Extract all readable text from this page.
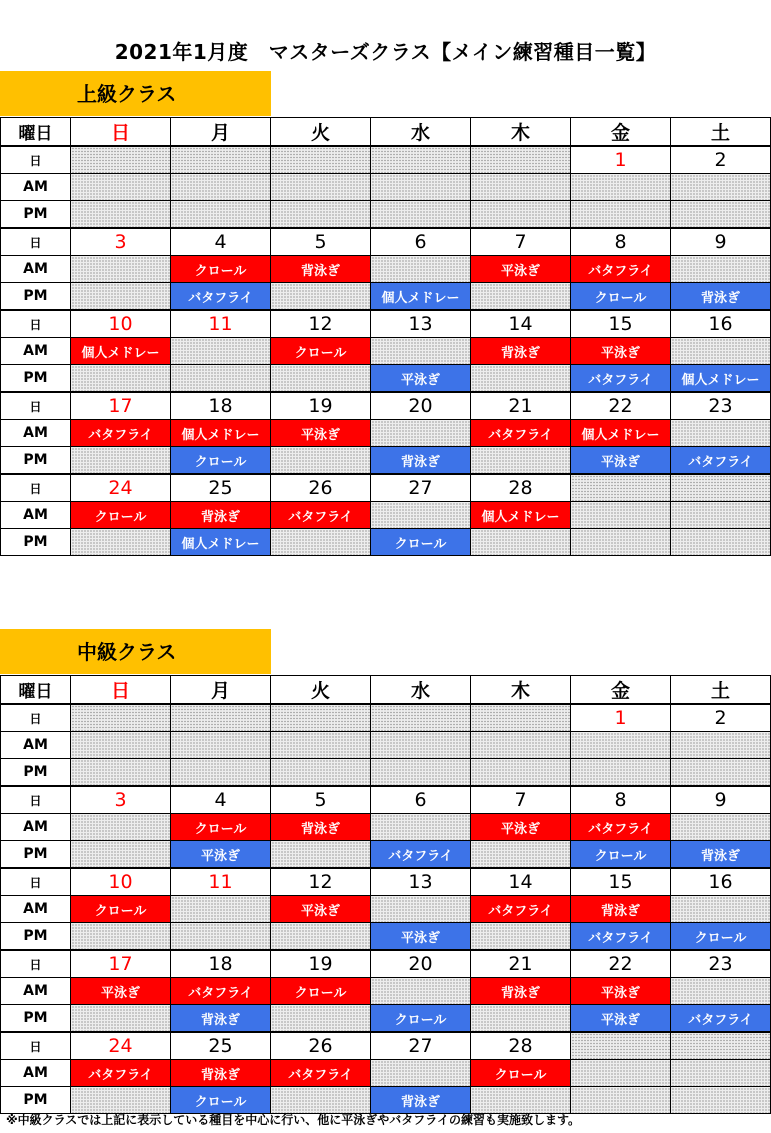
2021年1月度　マスターズクラス【メイン練習種目一覧】
上級クラス
曜日	日	月	火	水	木	金	土
日						1	2
AM							
PM							
日	3	4	5	6	7	8	9
AM		クロール	背泳ぎ		平泳ぎ	バタフライ	
PM		バタフライ		個人メドレー		クロール	背泳ぎ
日	10	11	12	13	14	15	16
AM	個人メドレー		クロール		背泳ぎ	平泳ぎ	
PM				平泳ぎ		バタフライ	個人メドレー
日	17	18	19	20	21	22	23
AM	バタフライ	個人メドレー	平泳ぎ		バタフライ	個人メドレー	
PM		クロール		背泳ぎ		平泳ぎ	バタフライ
日	24	25	26	27	28		
AM	クロール	背泳ぎ	バタフライ		個人メドレー		
PM		個人メドレー		クロール			
中級クラス
曜日	日	月	火	水	木	金	土
日						1	2
AM							
PM							
日	3	4	5	6	7	8	9
AM		クロール	背泳ぎ		平泳ぎ	バタフライ	
PM		平泳ぎ		バタフライ		クロール	背泳ぎ
日	10	11	12	13	14	15	16
AM	クロール		平泳ぎ		バタフライ	背泳ぎ	
PM				平泳ぎ		バタフライ	クロール
日	17	18	19	20	21	22	23
AM	平泳ぎ	バタフライ	クロール		背泳ぎ	平泳ぎ	
PM		背泳ぎ		クロール		平泳ぎ	バタフライ
日	24	25	26	27	28		
AM	バタフライ	背泳ぎ	バタフライ		クロール		
PM		クロール		背泳ぎ			
※中級クラスでは上記に表示している種目を中心に行い、他に平泳ぎやバタフライの練習も実施致します。
